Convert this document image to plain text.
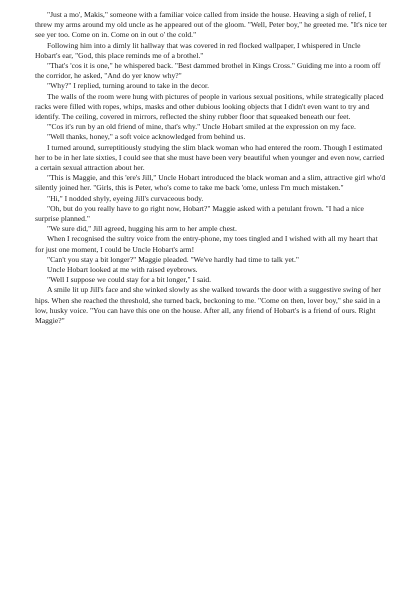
"Just a mo', Makis," someone with a familiar voice called from inside the house. Heaving a sigh of relief, I threw my arms around my old uncle as he appeared out of the gloom. "Well, Peter boy," he greeted me. "It's nice ter see yer too. Come on in. Come on in out o' the cold."

Following him into a dimly lit hallway that was covered in red flocked wallpaper, I whispered in Uncle Hobart's ear, "God, this place reminds me of a brothel."

"That's 'cos it is one," he whispered back. "Best dammed brothel in Kings Cross." Guiding me into a room off the corridor, he asked, "And do yer know why?"

"Why?" I replied, turning around to take in the decor.

The walls of the room were hung with pictures of people in various sexual positions, while strategically placed racks were filled with ropes, whips, masks and other dubious looking objects that I didn't even want to try and identify. The ceiling, covered in mirrors, reflected the shiny rubber floor that squeaked beneath our feet.

"'Cos it's run by an old friend of mine, that's why." Uncle Hobart smiled at the expression on my face.

"Well thanks, honey," a soft voice acknowledged from behind us.

I turned around, surreptitiously studying the slim black woman who had entered the room. Though I estimated her to be in her late sixties, I could see that she must have been very beautiful when younger and even now, carried a certain sexual attraction about her.

"This is Maggie, and this 'ere's Jill," Uncle Hobart introduced the black woman and a slim, attractive girl who'd silently joined her. "Girls, this is Peter, who's come to take me back 'ome, unless I'm much mistaken."

"Hi," I nodded shyly, eyeing Jill's curvaceous body.

"Oh, but do you really have to go right now, Hobart?" Maggie asked with a petulant frown. "I had a nice surprise planned."

"We sure did," Jill agreed, hugging his arm to her ample chest.

When I recognised the sultry voice from the entry-phone, my toes tingled and I wished with all my heart that for just one moment, I could be Uncle Hobart's arm!

"Can't you stay a bit longer?" Maggie pleaded. "We've hardly had time to talk yet."

Uncle Hobart looked at me with raised eyebrows.

"Well I suppose we could stay for a bit longer," I said.

A smile lit up Jill's face and she winked slowly as she walked towards the door with a suggestive swing of her hips. When she reached the threshold, she turned back, beckoning to me. "Come on then, lover boy," she said in a low, husky voice. "You can have this one on the house. After all, any friend of Hobart's is a friend of ours. Right Maggie?"
